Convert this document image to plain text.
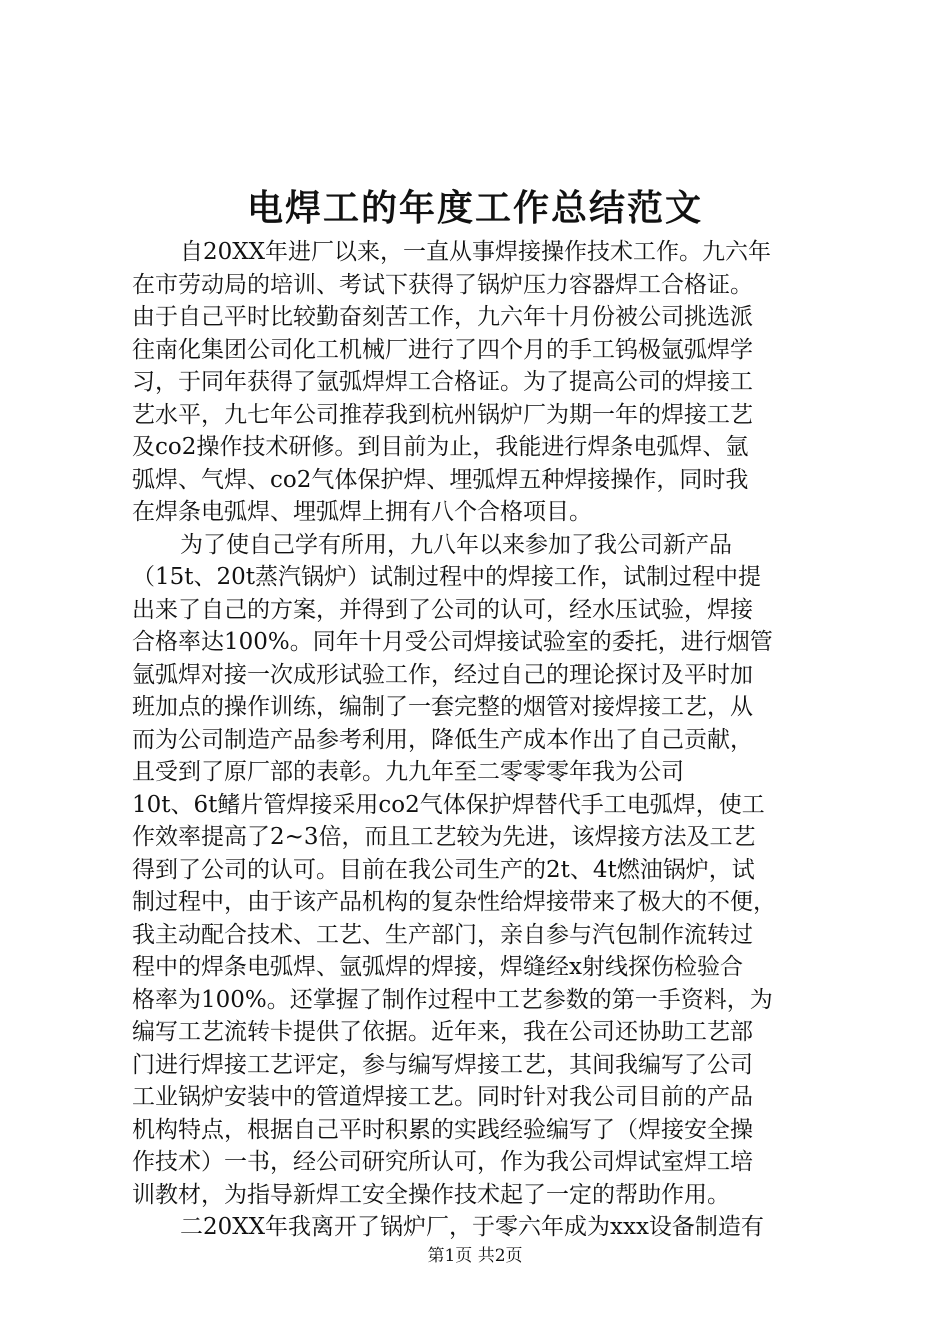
电焊工的年度工作总结范文
自20XX年进厂以来，一直从事焊接操作技术工作。九六年
在市劳动局的培训、考试下获得了锅炉压力容器焊工合格证。
由于自己平时比较勤奋刻苦工作，九六年十月份被公司挑选派
往南化集团公司化工机械厂进行了四个月的手工钨极氩弧焊学
习，于同年获得了氩弧焊焊工合格证。为了提高公司的焊接工
艺水平，九七年公司推荐我到杭州锅炉厂为期一年的焊接工艺
及co2操作技术研修。到目前为止，我能进行焊条电弧焊、氩
弧焊、气焊、co2气体保护焊、埋弧焊五种焊接操作，同时我
在焊条电弧焊、埋弧焊上拥有八个合格项目。
为了使自己学有所用，九八年以来参加了我公司新产品
（15t、20t蒸汽锅炉）试制过程中的焊接工作，试制过程中提
出来了自己的方案，并得到了公司的认可，经水压试验，焊接
合格率达100%。同年十月受公司焊接试验室的委托，进行烟管
氩弧焊对接一次成形试验工作，经过自己的理论探讨及平时加
班加点的操作训练，编制了一套完整的烟管对接焊接工艺，从
而为公司制造产品参考利用，降低生产成本作出了自己贡献，
且受到了原厂部的表彰。九九年至二零零零年我为公司
10t、6t鳍片管焊接采用co2气体保护焊替代手工电弧焊，使工
作效率提高了2~3倍，而且工艺较为先进，该焊接方法及工艺
得到了公司的认可。目前在我公司生产的2t、4t燃油锅炉，试
制过程中，由于该产品机构的复杂性给焊接带来了极大的不便，
我主动配合技术、工艺、生产部门，亲自参与汽包制作流转过
程中的焊条电弧焊、氩弧焊的焊接，焊缝经x射线探伤检验合
格率为100%。还掌握了制作过程中工艺参数的第一手资料，为
编写工艺流转卡提供了依据。近年来，我在公司还协助工艺部
门进行焊接工艺评定，参与编写焊接工艺，其间我编写了公司
工业锅炉安装中的管道焊接工艺。同时针对我公司目前的产品
机构特点，根据自己平时积累的实践经验编写了（焊接安全操
作技术）一书，经公司研究所认可，作为我公司焊试室焊工培
训教材，为指导新焊工安全操作技术起了一定的帮助作用。
二20XX年我离开了锅炉厂，于零六年成为xxx设备制造有
第1页 共2页
